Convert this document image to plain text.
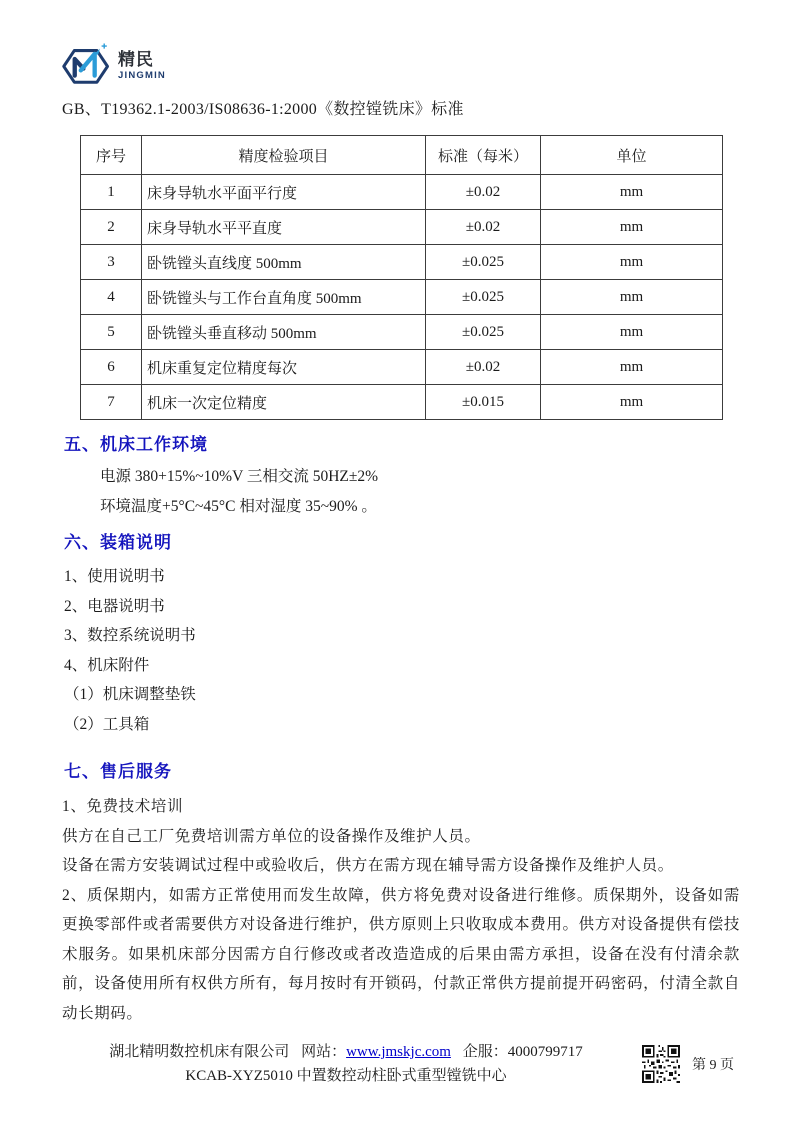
精民
JINGMIN

GB、T19362.1-2003/IS08636-1:2000《数控镗铣床》标准

序号	精度检验项目	标准（每米）	单位
1	床身导轨水平面平行度	±0.02	mm
2	床身导轨水平平直度	±0.02	mm
3	卧铣镗头直线度 500mm	±0.025	mm
4	卧铣镗头与工作台直角度 500mm	±0.025	mm
5	卧铣镗头垂直移动 500mm	±0.025	mm
6	机床重复定位精度每次	±0.02	mm
7	机床一次定位精度	±0.015	mm
五、机床工作环境

电源 380+15%~10%V 三相交流 50HZ±2%

环境温度+5°C~45°C 相对湿度 35~90% 。

六、装箱说明

1、使用说明书

2、电器说明书

3、数控系统说明书

4、机床附件

（1）机床调整垫铁

（2）工具箱

七、售后服务

1、免费技术培训

供方在自己工厂免费培训需方单位的设备操作及维护人员。

设备在需方安装调试过程中或验收后，供方在需方现在辅导需方设备操作及维护人员。

2、质保期内，如需方正常使用而发生故障，供方将免费对设备进行维修。质保期外，设备如需更换零部件或者需要供方对设备进行维护，供方原则上只收取成本费用。供方对设备提供有偿技术服务。如果机床部分因需方自行修改或者改造造成的后果由需方承担，设备在没有付清余款前，设备使用所有权供方所有，每月按时有开锁码，付款正常供方提前提开码密码，付清全款自动长期码。

湖北精明数控机床有限公司 网站：www.jmskjc.com 企服：4000799717
KCAB-XYZ5010 中置数控动柱卧式重型镗铣中心
第 9 页
